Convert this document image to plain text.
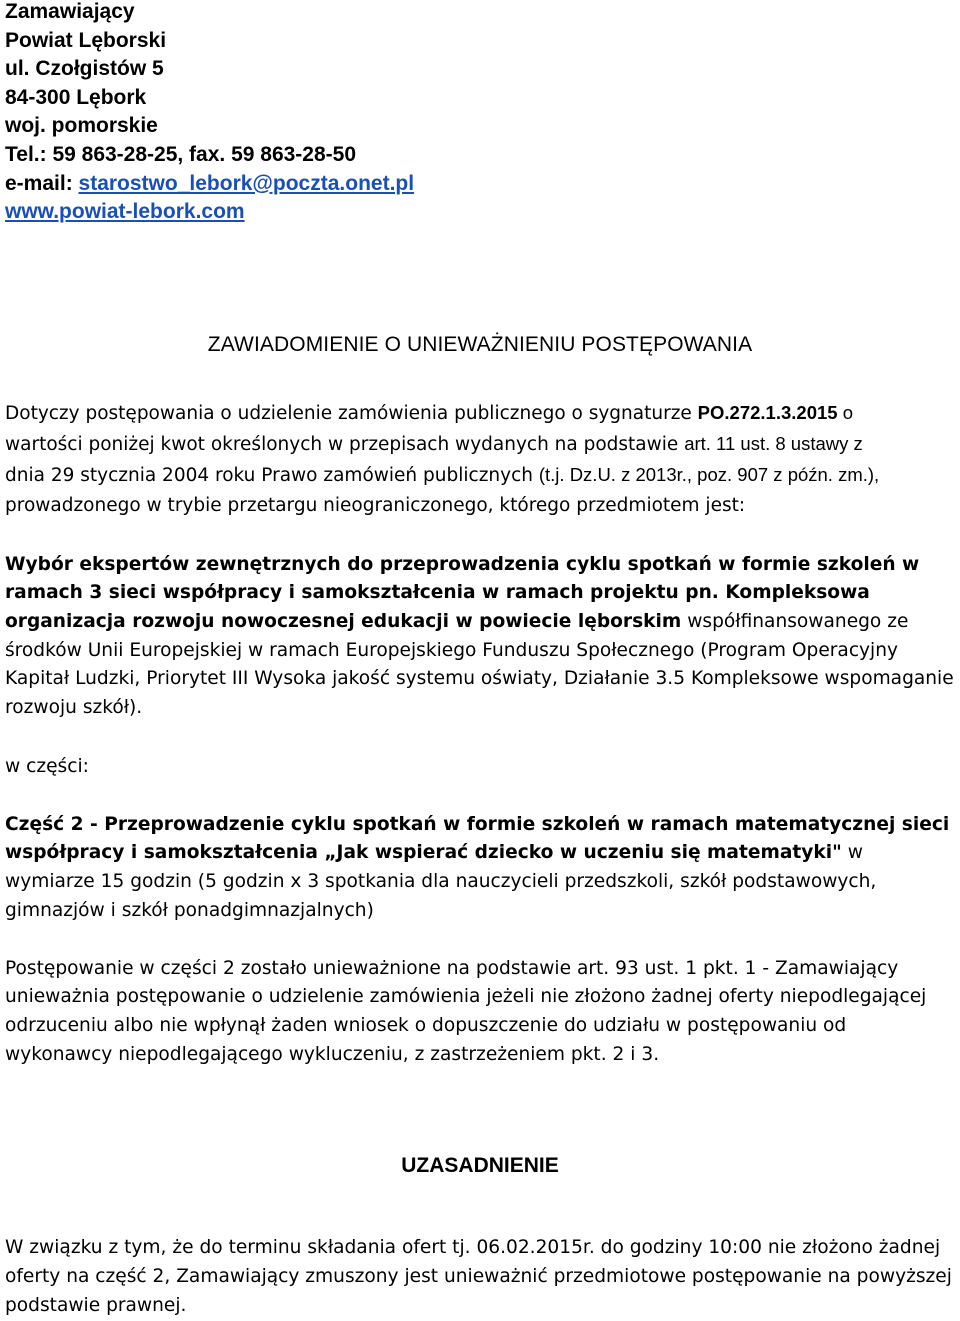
Zamawiający
Powiat Lęborski
ul. Czołgistów 5
84-300 Lębork
woj. pomorskie
Tel.: 59 863-28-25, fax. 59 863-28-50
e-mail: starostwo_lebork@poczta.onet.pl
www.powiat-lebork.com
ZAWIADOMIENIE O UNIEWAŻNIENIU POSTĘPOWANIA
Dotyczy postępowania o udzielenie zamówienia publicznego o sygnaturze PO.272.1.3.2015 o
wartości poniżej kwot określonych w przepisach wydanych na podstawie art. 11 ust. 8 ustawy z
dnia 29 stycznia 2004 roku Prawo zamówień publicznych (t.j. Dz.U. z 2013r., poz. 907 z późn. zm.),
prowadzonego w trybie przetargu nieograniczonego, którego przedmiotem jest:
Wybór ekspertów zewnętrznych do przeprowadzenia cyklu spotkań w formie szkoleń w ramach 3 sieci współpracy i samokształcenia w ramach projektu pn. Kompleksowa organizacja rozwoju nowoczesnej edukacji w powiecie lęborskim współfinansowanego ze środków Unii Europejskiej w ramach Europejskiego Funduszu Społecznego (Program Operacyjny Kapitał Ludzki, Priorytet III Wysoka jakość systemu oświaty, Działanie 3.5 Kompleksowe wspomaganie rozwoju szkół).
w części:
Część 2 - Przeprowadzenie cyklu spotkań w formie szkoleń w ramach matematycznej sieci współpracy i samokształcenia „Jak wspierać dziecko w uczeniu się matematyki" w wymiarze 15 godzin (5 godzin x 3 spotkania dla nauczycieli przedszkoli, szkół podstawowych, gimnazjów i szkół ponadgimnazjalnych)
Postępowanie w części 2 zostało unieważnione na podstawie art. 93 ust. 1 pkt. 1 - Zamawiający unieważnia postępowanie o udzielenie zamówienia jeżeli nie złożono żadnej oferty niepodlegającej odrzuceniu albo nie wpłynął żaden wniosek o dopuszczenie do udziału w postępowaniu od wykonawcy niepodlegającego wykluczeniu, z zastrzeżeniem pkt. 2 i 3.
UZASADNIENIE
W związku z tym, że do terminu składania ofert tj. 06.02.2015r. do godziny 10:00 nie złożono żadnej oferty na część 2, Zamawiający zmuszony jest unieważnić przedmiotowe postępowanie na powyższej podstawie prawnej.
